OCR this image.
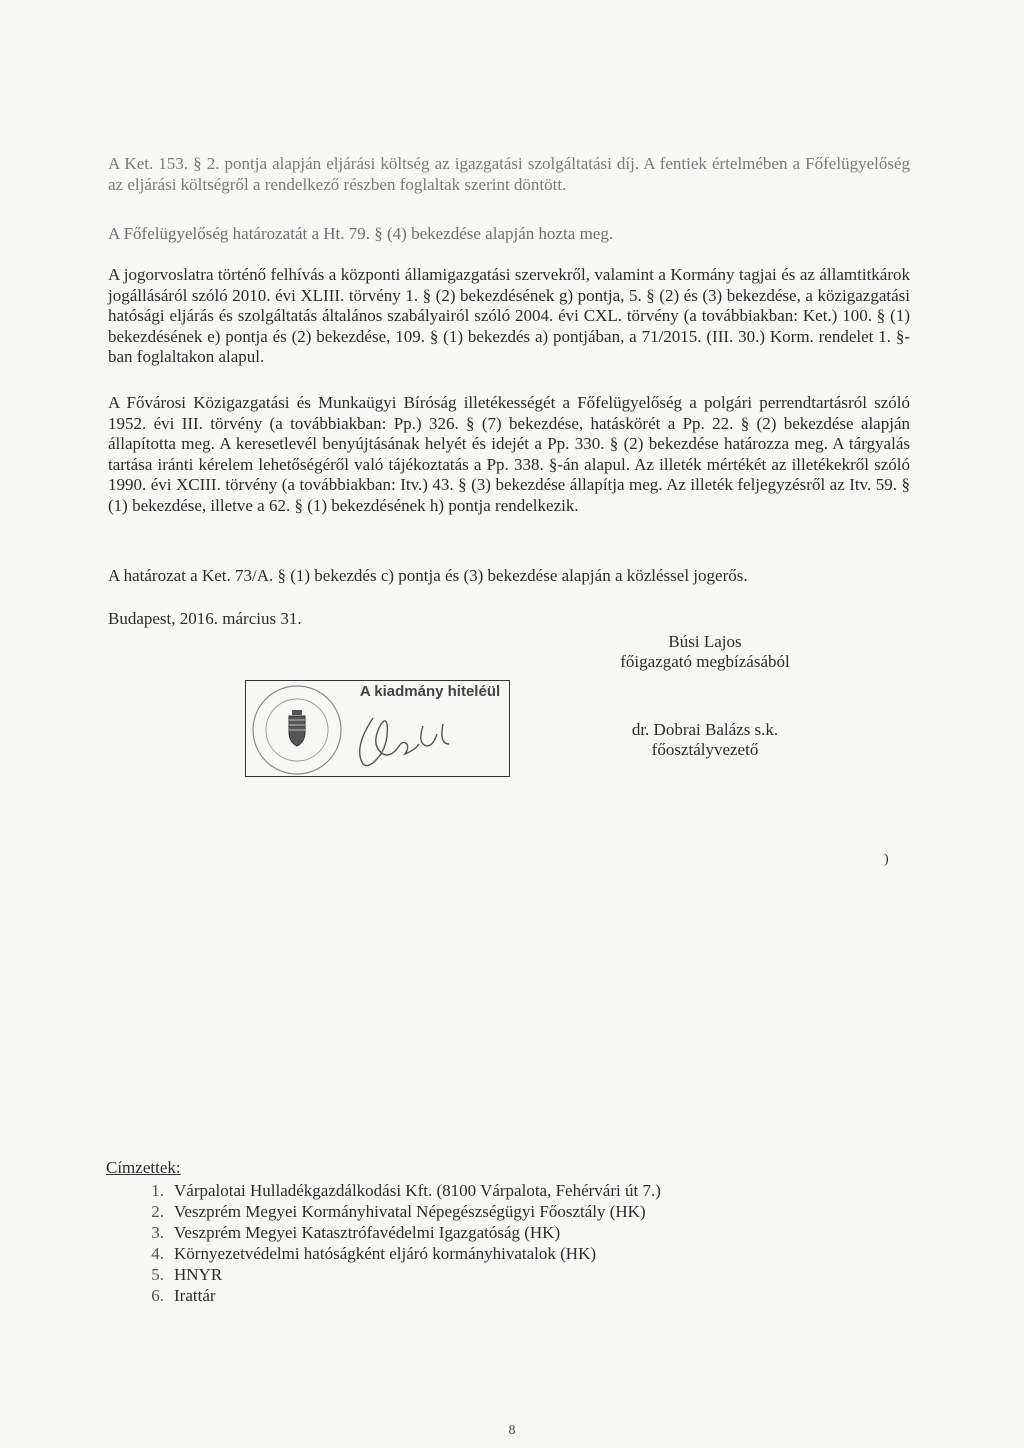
A Ket. 153. § 2. pontja alapján eljárási költség az igazgatási szolgáltatási díj. A fentiek értelmében a Főfelügyelőség az eljárási költségről a rendelkező részben foglaltak szerint döntött.

A Főfelügyelőség határozatát a Ht. 79. § (4) bekezdése alapján hozta meg.

A jogorvoslatra történő felhívás a központi államigazgatási szervekről, valamint a Kormány tagjai és az államtitkárok jogállásáról szóló 2010. évi XLIII. törvény 1. § (2) bekezdésének g) pontja, 5. § (2) és (3) bekezdése, a közigazgatási hatósági eljárás és szolgáltatás általános szabályairól szóló 2004. évi CXL. törvény (a továbbiakban: Ket.) 100. § (1) bekezdésének e) pontja és (2) bekezdése, 109. § (1) bekezdés a) pontjában, a 71/2015. (III. 30.) Korm. rendelet 1. §-ban foglaltakon alapul.

A Fővárosi Közigazgatási és Munkaügyi Bíróság illetékességét a Főfelügyelőség a polgári perrendtartásról szóló 1952. évi III. törvény (a továbbiakban: Pp.) 326. § (7) bekezdése, hatáskörét a Pp. 22. § (2) bekezdése alapján állapította meg. A keresetlevél benyújtásának helyét és idejét a Pp. 330. § (2) bekezdése határozza meg. A tárgyalás tartása iránti kérelem lehetőségéről való tájékoztatás a Pp. 338. §-án alapul. Az illeték mértékét az illetékekről szóló 1990. évi XCIII. törvény (a továbbiakban: Itv.) 43. § (3) bekezdése állapítja meg. Az illeték feljegyzésről az Itv. 59. § (1) bekezdése, illetve a 62. § (1) bekezdésének h) pontja rendelkezik.

A határozat a Ket. 73/A. § (1) bekezdés c) pontja és (3) bekezdése alapján a közléssel jogerős.

Budapest, 2016. március 31.

Búsi Lajos
főigazgató megbízásából
dr. Dobrai Balázs s.k.
főosztályvezető
A kiadmány hiteléül
)

Címzettek:

1. Várpalotai Hulladékgazdálkodási Kft. (8100 Várpalota, Fehérvári út 7.)
2. Veszprém Megyei Kormányhivatal Népegészségügyi Főosztály (HK)
3. Veszprém Megyei Katasztrófavédelmi Igazgatóság (HK)
4. Környezetvédelmi hatóságként eljáró kormányhivatalok (HK)
5. HNYR
6. Irattár
8
